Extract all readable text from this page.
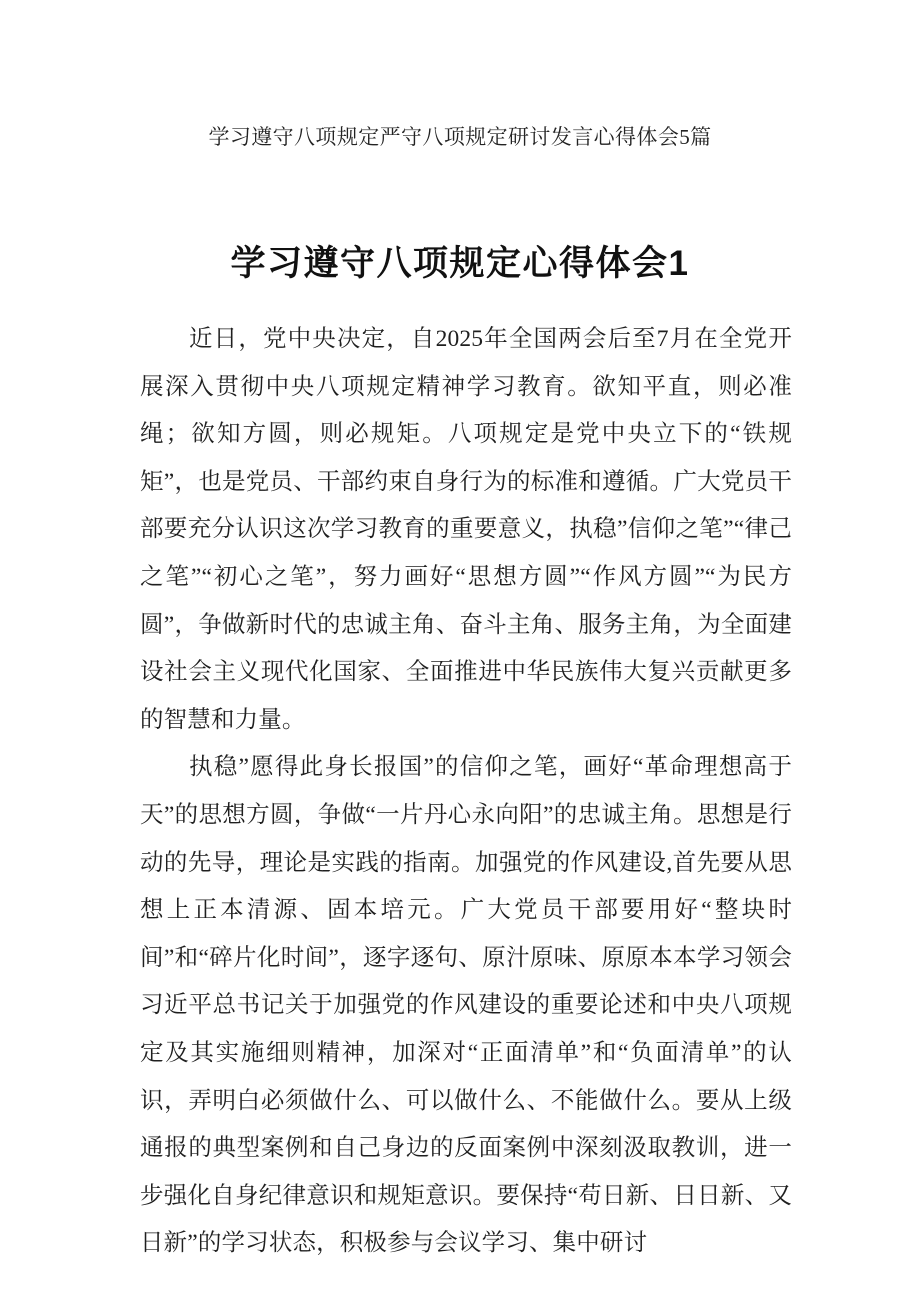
学习遵守八项规定严守八项规定研讨发言心得体会5篇
学习遵守八项规定心得体会1

近日，党中央决定，自2025年全国两会后至7月在全党开展深入贯彻中央八项规定精神学习教育。欲知平直，则必准绳；欲知方圆，则必规矩。八项规定是党中央立下的“铁规矩”，也是党员、干部约束自身行为的标准和遵循。广大党员干部要充分认识这次学习教育的重要意义，执稳”信仰之笔”“律己之笔”“初心之笔”，努力画好“思想方圆”“作风方圆”“为民方圆”，争做新时代的忠诚主角、奋斗主角、服务主角，为全面建设社会主义现代化国家、全面推进中华民族伟大复兴贡献更多的智慧和力量。

执稳”愿得此身长报国”的信仰之笔，画好“革命理想高于天”的思想方圆，争做“一片丹心永向阳”的忠诚主角。思想是行动的先导，理论是实践的指南。加强党的作风建设,首先要从思想上正本清源、固本培元。广大党员干部要用好“整块时间”和“碎片化时间”，逐字逐句、原汁原味、原原本本学习领会习近平总书记关于加强党的作风建设的重要论述和中央八项规定及其实施细则精神，加深对“正面清单”和“负面清单”的认识，弄明白必须做什么、可以做什么、不能做什么。要从上级通报的典型案例和自己身边的反面案例中深刻汲取教训，进一步强化自身纪律意识和规矩意识。要保持“苟日新、日日新、又日新”的学习状态，积极参与会议学习、集中研讨
